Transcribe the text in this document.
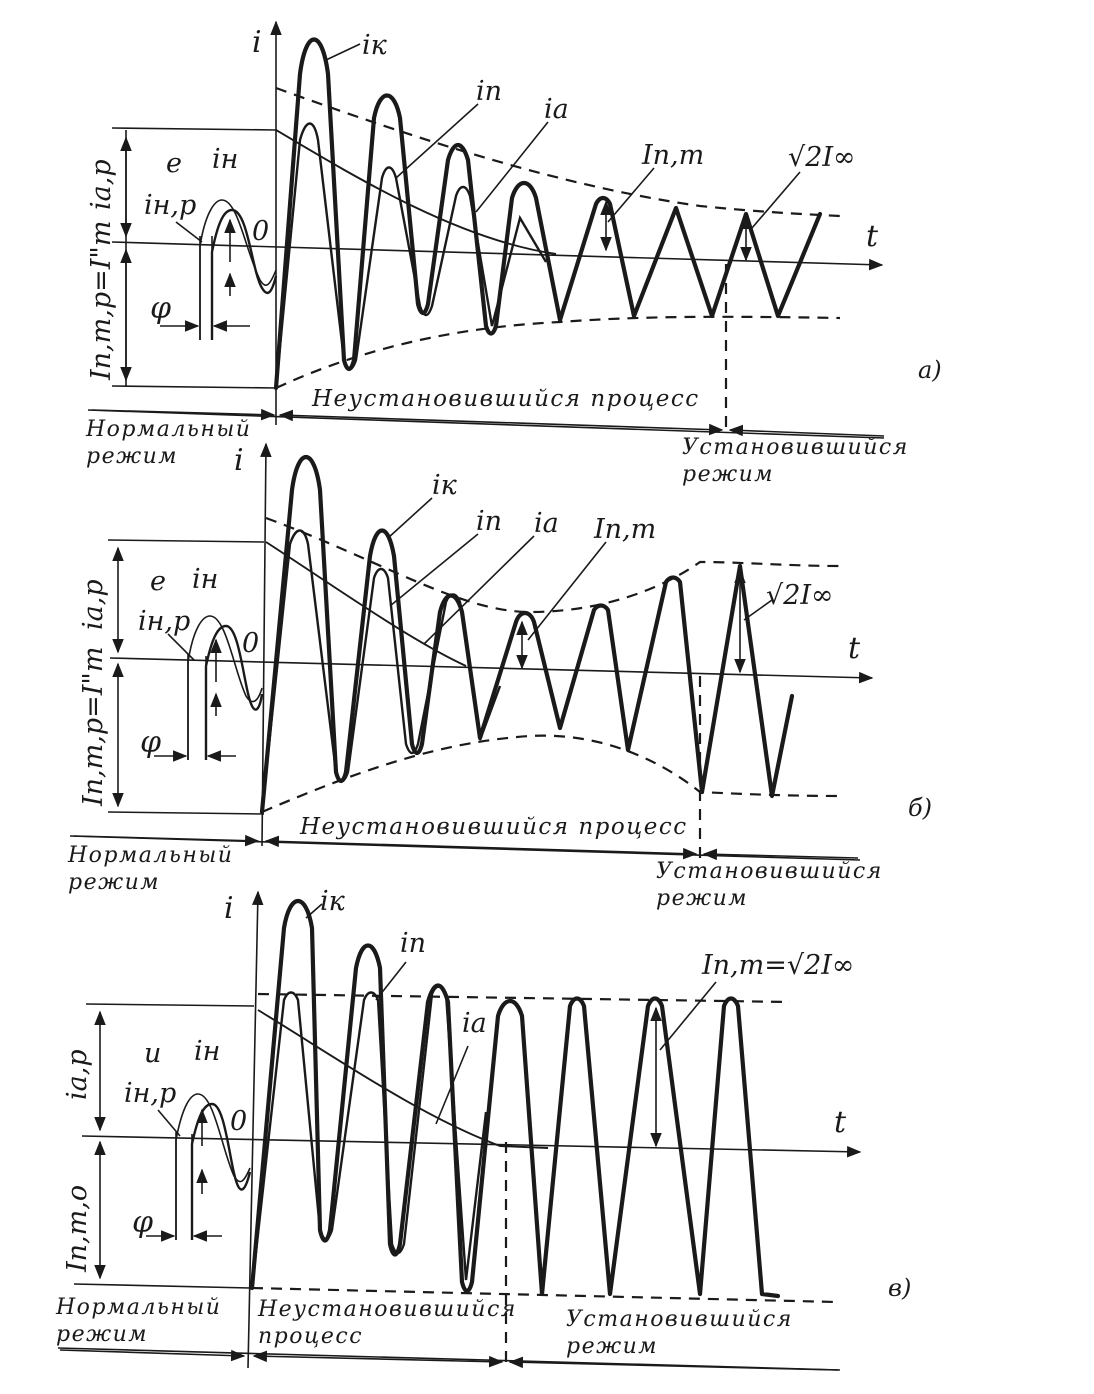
i
t
0
iк
iп
iа
Iп,т	√2I∞
е iн
iн,р
φ
iа,р
Iп,т,р=I"т	а)
Неустановившийся процесс
Нормальный режим	Установившийся режим
i
t
0
iк
iп iа Iп,т
√2I∞
е iн
iн,р
φ
iа,р
Iп,т,р=I"т
б)
Неустановившийся процесс
Нормальный режим	Установившийся режим
i
t
0
iк
iп
iа
Iп,т=√2I∞
u iн
iн,р
φ
iа,р
Iп,т,о
в)
Нормальный режим
Неустановившийся процесс
Установившийся режим
